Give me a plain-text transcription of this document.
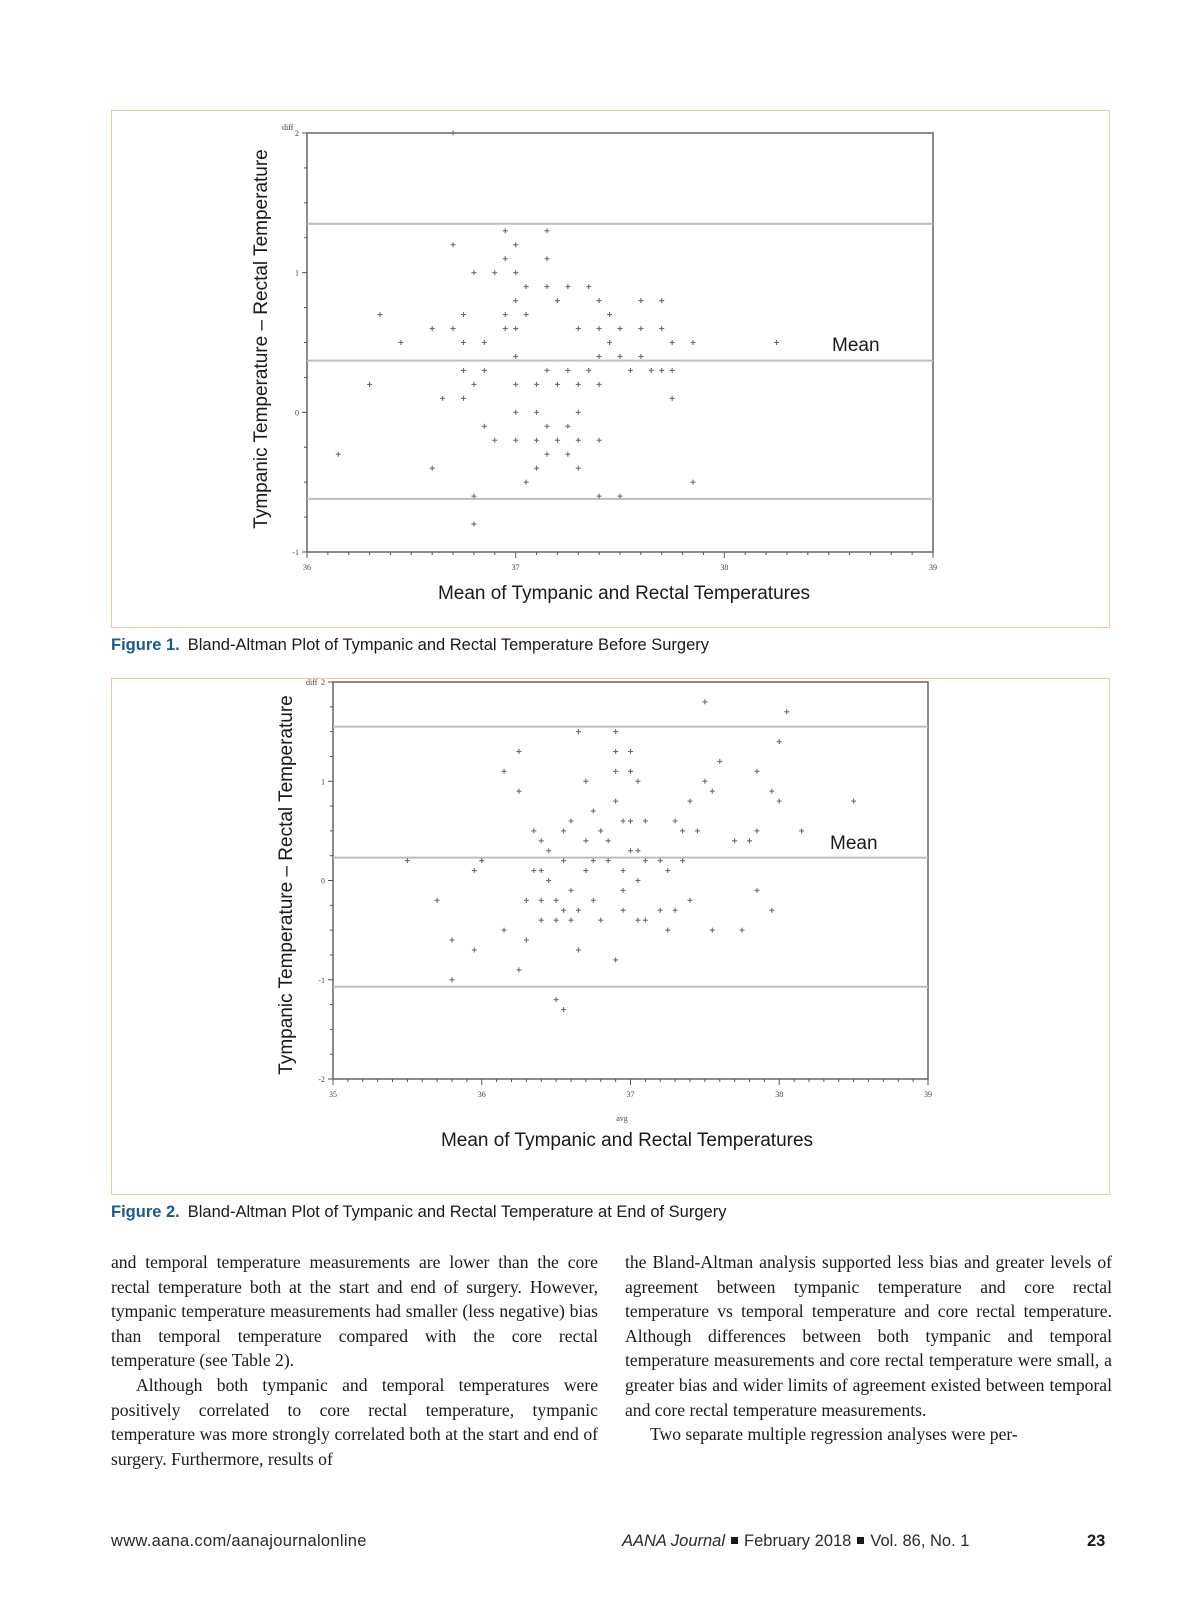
Tympanic Temperature – Rectal Temperature
diff
Mean
Mean of Tympanic and Rectal Temperatures
36	37	38	39
-1
0
1
2
Figure 1. Bland-Altman Plot of Tympanic and Rectal Temperature Before Surgery
Tympanic Temperature – Rectal Temperature
diff
avg
Mean
Mean of Tympanic and Rectal Temperatures
35	36	37	38	39
-2
-1
0
1
2
Figure 2. Bland-Altman Plot of Tympanic and Rectal Temperature at End of Surgery

and temporal temperature measurements are lower than the core rectal temperature both at the start and end of surgery. However, tympanic temperature measurements had smaller (less negative) bias than temporal temperature compared with the core rectal temperature (see Table 2).

Although both tympanic and temporal temperatures were positively correlated to core rectal temperature, tympanic temperature was more strongly correlated both at the start and end of surgery. Furthermore, results of

the Bland-Altman analysis supported less bias and greater levels of agreement between tympanic temperature and core rectal temperature vs temporal temperature and core rectal temperature. Although differences between both tympanic and temporal temperature measurements and core rectal temperature were small, a greater bias and wider limits of agreement existed between temporal and core rectal temperature measurements.

Two separate multiple regression analyses were per-

www.aana.com/aanajournalonline	AANA Journal February 2018 Vol. 86, No. 1	23
